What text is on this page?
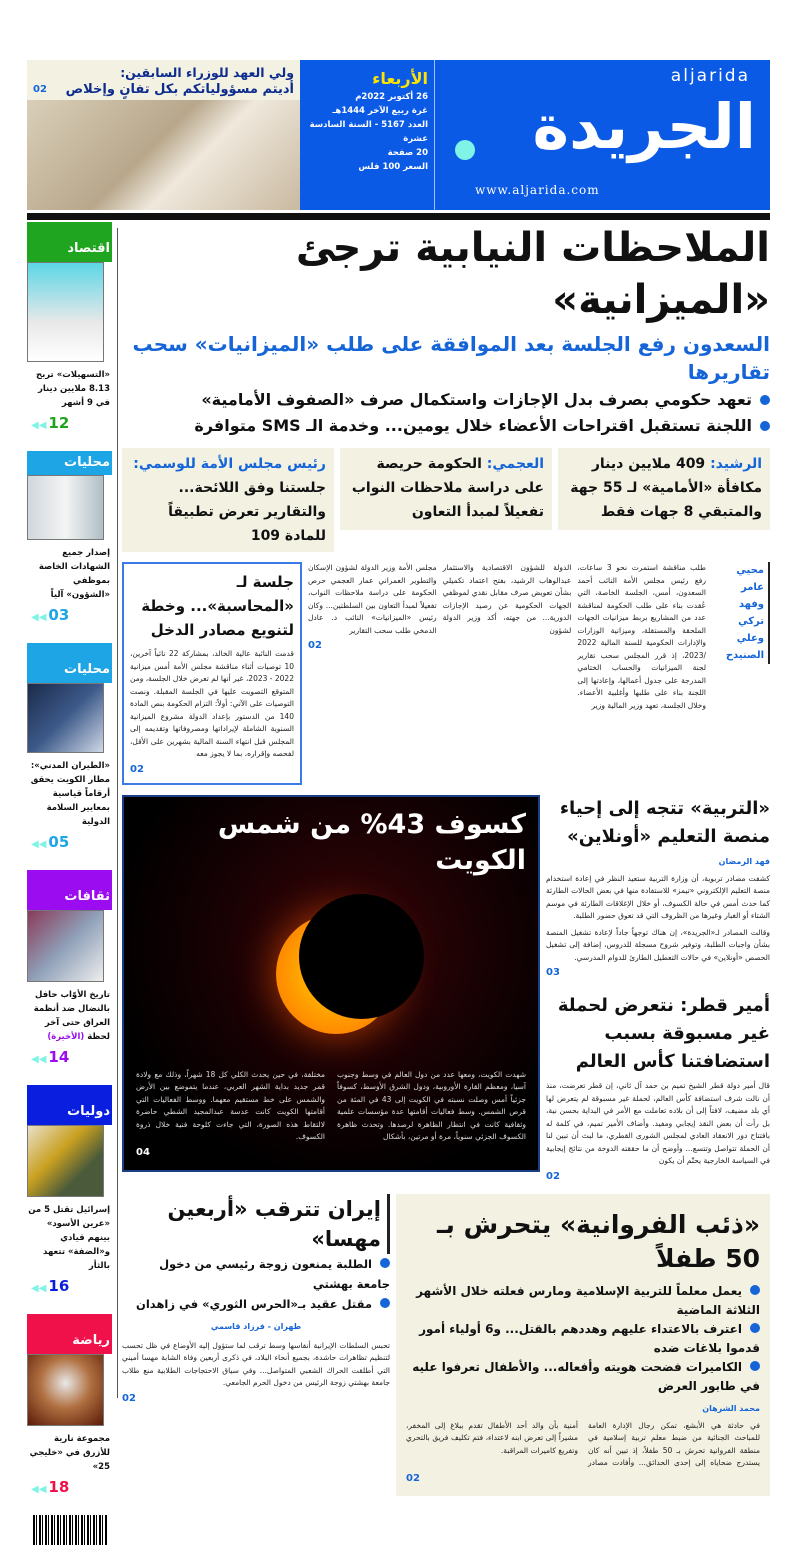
aljarida
الجريدة
www.aljarida.com
الأربعاء
26 أكتوبر 2022م
غرة ربيع الآخر 1444هـ
العدد 5167 - السنة السادسة عشرة
20 صفحة
السعر 100 فلس
ولي العهد للوزراء السابقين:
أديتم مسؤولياتكم بكل تفانٍ وإخلاص
02
اقتصاد
«التسهيلات» تربح 8.13 ملايين دينار في 9 أشهر
◀◀ 12
محليات
إصدار جميع الشهادات الخاصة بموظفي «الشؤون» آلياً
◀◀ 03
محليات
«الطيران المدني»: مطار الكويت يحقق أرقاماً قياسية بمعايير السلامة الدولية
◀◀ 05
ثقافات
تاريخ الأوّاب حافل بالنضال ضد أنظمة العراق حتى آخر لحظة (الأخيرة)
◀◀ 14
دوليات
إسرائيل تقتل 5 من «عرين الأسود» بينهم قيادي و«الضفة» تتعهد بالثأر
◀◀ 16
رياضة
مجموعة نارية للأزرق في «خليجي 25»
◀◀ 18
الملاحظات النيابية ترجئ «الميزانية»
السعدون رفع الجلسة بعد الموافقة على طلب «الميزانيات» سحب تقاريرها
تعهد حكومي بصرف بدل الإجازات واستكمال صرف «الصفوف الأمامية»
اللجنة تستقبل اقتراحات الأعضاء خلال يومين... وخدمة الـ SMS متوافرة
الرشيد: 409 ملايين دينار مكافأة «الأمامية» لـ 55 جهة والمتبقي 8 جهات فقط
العجمي: الحكومة حريصة على دراسة ملاحظات النواب تفعيلاً لمبدأ التعاون
رئيس مجلس الأمة للوسمي: جلستنا وفق اللائحة... والتقارير تعرض تطبيقاً للمادة 109
محيي عامر
وفهد تركي
وعلي الصنيدح
طلب مناقشة استمرت نحو 3 ساعات، رفع رئيس مجلس الأمة النائب أحمد السعدون، أمس، الجلسة الخاصة، التي عُقدت بناء على طلب الحكومة لمناقشة عدد من المشاريع بربط ميزانيات الجهات الملحقة والمستقلة، وميزانية الوزارات والإدارات الحكومية للسنة المالية 2022 /2023، إذ قرر المجلس سحب تقارير لجنة الميزانيات والحساب الختامي المدرجة على جدول أعمالها، وإعادتها إلى اللجنة بناء على طلبها وأغلبية الأعضاء. وخلال الجلسة، تعهد وزير المالية وزير
الدولة للشؤون الاقتصادية والاستثمار عبدالوهاب الرشيد، بفتح اعتماد تكميلي بشأن تعويض صرف مقابل نقدي لموظفي الجهات الحكومية عن رصيد الإجازات الدورية... من جهته، أكد وزير الدولة لشؤون
مجلس الأمة وزير الدولة لشؤون الإسكان والتطوير العمراني عمار العجمي حرص الحكومة على دراسة ملاحظات النواب، تفعيلاً لمبدأ التعاون بين السلطتين... وكان رئيس «الميزانيات» النائب د. عادل الدمخي طلب سحب التقارير
02
جلسة لـ «المحاسبة»... وخطة لتنويع مصادر الدخل
قدمت النائبة عالية الخالد، بمشاركة 22 نائباً آخرين، 10 توصيات أثناء مناقشة مجلس الأمة أمس ميزانية 2022 - 2023، غير أنها لم تعرض خلال الجلسة، ومن المتوقع التصويت عليها في الجلسة المقبلة. ونصت التوصيات على الآتي: أولاً: التزام الحكومة بنص المادة 140 من الدستور بإعداد الدولة مشروع الميزانية السنوية الشاملة لإيراداتها ومصروفاتها وتقديمه إلى المجلس قبل انتهاء السنة المالية بشهرين على الأقل، لفحصه وإقراره، بما لا يجوز معه
02
«التربية» تتجه إلى إحياء منصة التعليم «أونلاين»
فهد الرمضان
كشفت مصادر تربوية، أن وزارة التربية ستعيد النظر في إعادة استخدام منصة التعليم الإلكتروني «تيمز» للاستفادة منها في بعض الحالات الطارئة كما حدث أمس في حالة الكسوف، أو خلال الإغلاقات الطارئة في موسم الشتاء أو الغبار وغيرها من الظروف التي قد تعوق حضور الطلبة.
وقالت المصادر لـ«الجريدة»، إن هناك توجهاً جاداً لإعادة تشغيل المنصة بشأن واجبات الطلبة، وتوفير شروح مسجلة للدروس، إضافة إلى تشغيل الحصص «أونلاين» في حالات التعطيل الطارئ للدوام المدرسي.
03
أمير قطر: نتعرض لحملة غير مسبوقة بسبب استضافتنا كأس العالم
قال أمير دولة قطر الشيخ تميم بن حمد آل ثاني، إن قطر تعرضت، منذ أن نالت شرف استضافة كأس العالم، لحملة غير مسبوقة لم يتعرض لها أي بلد مضيف، لافتاً إلى أن بلاده تعاملت مع الأمر في البداية بحسن نية، بل رأت أن بعض النقد إيجابي ومفيد. وأضاف الأمير تميم، في كلمة له بافتتاح دور الانعقاد العادي لمجلس الشورى القطري، ما لبث أن تبين لنا أن الحملة تتواصل وتتسع... وأوضح أن ما حققته الدوحة من نتائج إيجابية في السياسة الخارجية يحتّم أن يكون
02
كسوف 43% من شمس الكويت
شهدت الكويت، ومعها عدد من دول العالم في وسط وجنوب آسيا، ومعظم القارة الأوروبية، ودول الشرق الأوسط، كسوفاً جزئياً أمس وصلت نسبته في الكويت إلى 43 في المئة من قرص الشمس. وسط فعاليات أقامتها عدة مؤسسات علمية وثقافية كانت في انتظار الظاهرة لرصدها. وتحدث ظاهرة الكسوف الجزئي سنوياً، مرة أو مرتين، بأشكال
مختلفة، في حين يحدث الكلي كل 18 شهراً، وذلك مع ولادة قمر جديد بداية الشهر العربي، عندما يتموضع بين الأرض والشمس على خط مستقيم معهما. ووسط الفعاليات التي أقامتها الكويت كانت عدسة عبدالمجيد الشطي حاضرة لالتقاط هذه الصورة، التي جاءت كلوحة فنية خلال ذروة الكسوف.
04
«ذئب الفروانية» يتحرش بـ 50 طفلاً
يعمل معلماً للتربية الإسلامية ومارس فعلته خلال الأشهر الثلاثة الماضية
اعترف بالاعتداء عليهم وهددهم بالقتل... و6 أولياء أمور قدموا بلاغات ضده
الكاميرات فضحت هويته وأفعاله... والأطفال تعرفوا عليه في طابور العرض
محمد الشرهان
في حادثة هي الأبشع، تمكن رجال الإدارة العامة للمباحث الجنائية من ضبط معلم تربية إسلامية في منطقة الفروانية تحرش بـ 50 طفلاً، إذ تبين أنه كان يستدرج ضحاياه إلى إحدى الحدائق... وأفادت مصادر أمنية بأن والد أحد الأطفال تقدم ببلاغ إلى المخفر، مشيراً إلى تعرض ابنه لاعتداء، فتم تكليف فريق بالتحري وتفريغ كاميرات المراقبة.
02
إيران تترقب «أربعين مهسا»
الطلبة يمنعون زوجة رئيسي من دخول جامعة بهشتي
مقتل عقيد بـ«الحرس الثوري» في زاهدان
طهران - فرزاد قاسمي
تحبس السلطات الإيرانية أنفاسها وسط ترقب لما ستؤول إليه الأوضاع في ظل تحسب لتنظيم تظاهرات حاشدة، بجميع أنحاء البلاد، في ذكرى أربعين وفاة الشابة مهسا أميني التي أطلقت الحراك الشعبي المتواصل... وفي سياق الاحتجاجات الطلابية منع طلاب جامعة بهشتي زوجة الرئيس من دخول الحرم الجامعي.
02
